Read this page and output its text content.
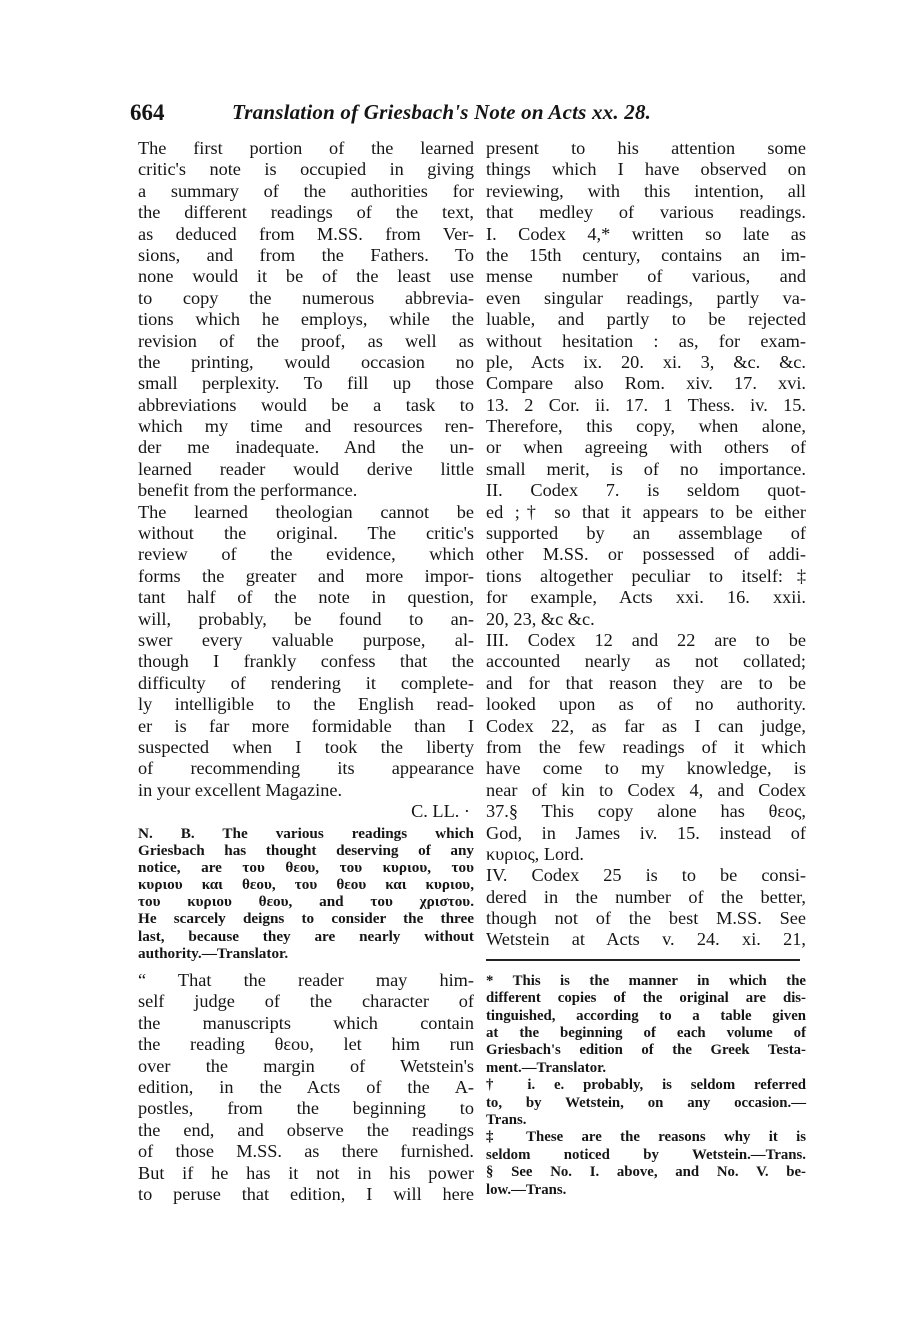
664	Translation of Griesbach's Note on Acts xx. 28.
The first portion of the learned
critic's note is occupied in giving
a summary of the authorities for
the different readings of the text,
as deduced from M.SS. from Ver-
sions, and from the Fathers. To
none would it be of the least use
to copy the numerous abbrevia-
tions which he employs, while the
revision of the proof, as well as
the printing, would occasion no
small perplexity. To fill up those
abbreviations would be a task to
which my time and resources ren-
der me inadequate. And the un-
learned reader would derive little
benefit from the performance.
The learned theologian cannot be
without the original. The critic's
review of the evidence, which
forms the greater and more impor-
tant half of the note in question,
will, probably, be found to an-
swer every valuable purpose, al-
though I frankly confess that the
difficulty of rendering it complete-
ly intelligible to the English read-
er is far more formidable than I
suspected when I took the liberty
of recommending its appearance
in your excellent Magazine.
C. LL. ·
N. B. The various readings which
Griesbach has thought deserving of any
notice, are του θεου, του κυριου, του
κυριου και θεου, του θεου και κυριου,
του κυριου θεου, and του χριστου.
He scarcely deigns to consider the three
last, because they are nearly without
authority.—Translator.
“ That the reader may him-
self judge of the character of
the manuscripts which contain
the reading θεου, let him run
over the margin of Wetstein's
edition, in the Acts of the A-
postles, from the beginning to
the end, and observe the readings
of those M.SS. as there furnished.
But if he has it not in his power
to peruse that edition, I will here
present to his attention some
things which I have observed on
reviewing, with this intention, all
that medley of various readings.
I. Codex 4,* written so late as
the 15th century, contains an im-
mense number of various, and
even singular readings, partly va-
luable, and partly to be rejected
without hesitation : as, for exam-
ple, Acts ix. 20. xi. 3, &c. &c.
Compare also Rom. xiv. 17. xvi.
13. 2 Cor. ii. 17. 1 Thess. iv. 15.
Therefore, this copy, when alone,
or when agreeing with others of
small merit, is of no importance.
II. Codex 7. is seldom quot-
ed ;† so that it appears to be either
supported by an assemblage of
other M.SS. or possessed of addi-
tions altogether peculiar to itself:‡
for example, Acts xxi. 16. xxii.
20, 23, &c &c.
III. Codex 12 and 22 are to be
accounted nearly as not collated;
and for that reason they are to be
looked upon as of no authority.
Codex 22, as far as I can judge,
from the few readings of it which
have come to my knowledge, is
near of kin to Codex 4, and Codex
37.§ This copy alone has θεος,
God, in James iv. 15. instead of
κυριος, Lord.
IV. Codex 25 is to be consi-
dered in the number of the better,
though not of the best M.SS. See
Wetstein at Acts v. 24. xi. 21,
* This is the manner in which the
different copies of the original are dis-
tinguished, according to a table given
at the beginning of each volume of
Griesbach's edition of the Greek Testa-
ment.—Translator.
† i. e. probably, is seldom referred
to, by Wetstein, on any occasion.—
Trans.
‡ These are the reasons why it is
seldom noticed by Wetstein.—Trans.
§ See No. I. above, and No. V. be-
low.—Trans.
